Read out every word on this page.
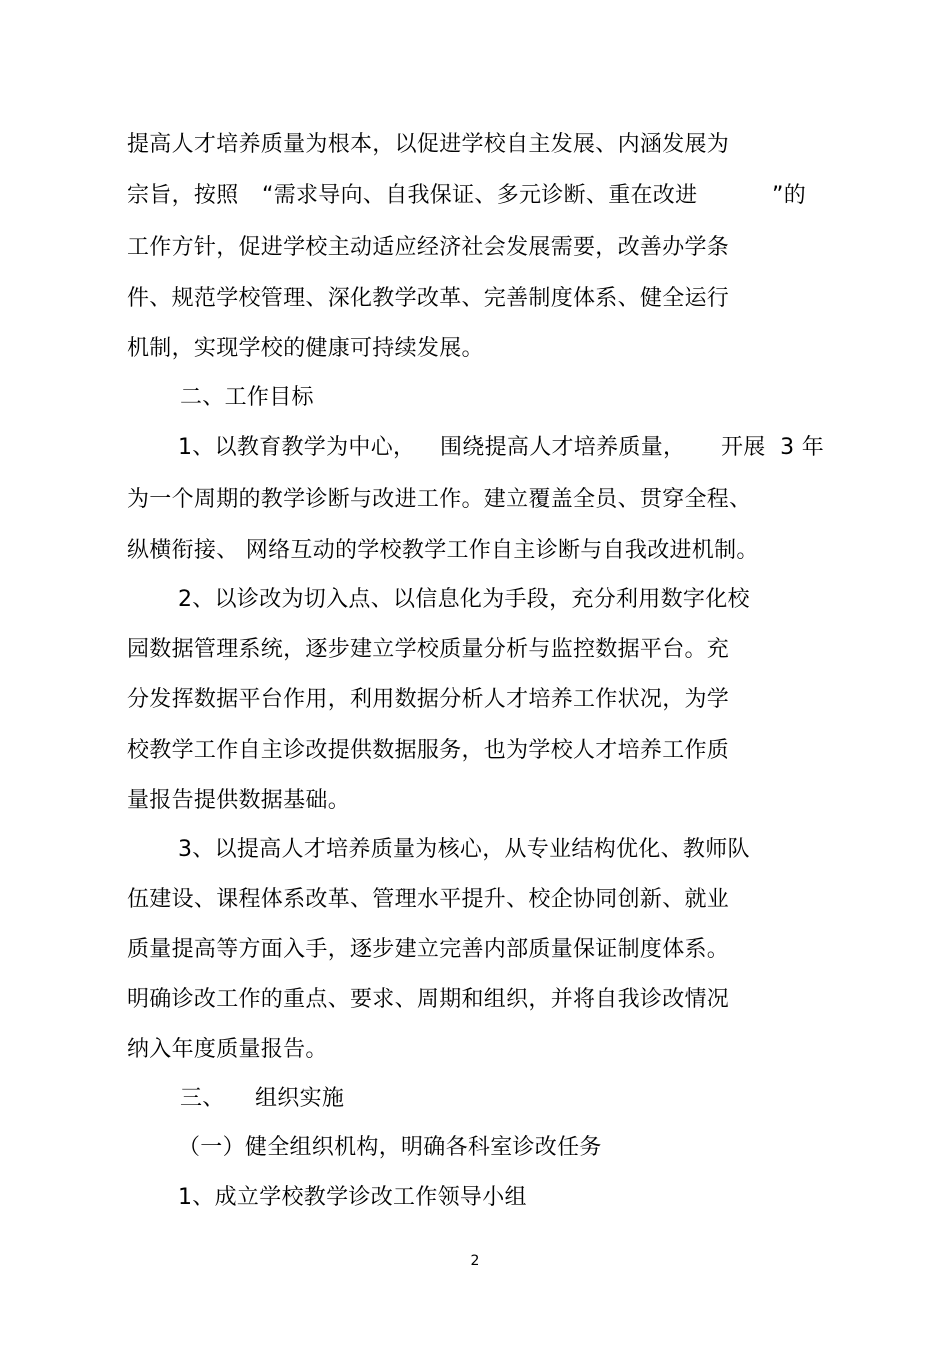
提高人才培养质量为根本，以促进学校自主发展、内涵发展为

宗旨，按照 “需求导向、自我保证、多元诊断、重在改进	”的

工作方针，促进学校主动适应经济社会发展需要，改善办学条

件、规范学校管理、深化教学改革、完善制度体系、健全运行

机制，实现学校的健康可持续发展。

二、工作目标

1、以教育教学为中心， 围绕提高人才培养质量， 开展  3 年

为一个周期的教学诊断与改进工作。建立覆盖全员、贯穿全程、

纵横衔接、 网络互动的学校教学工作自主诊断与自我改进机制。

2、以诊改为切入点、以信息化为手段，充分利用数字化校

园数据管理系统，逐步建立学校质量分析与监控数据平台。充

分发挥数据平台作用，利用数据分析人才培养工作状况，为学

校教学工作自主诊改提供数据服务，也为学校人才培养工作质

量报告提供数据基础。

3、以提高人才培养质量为核心，从专业结构优化、教师队

伍建设、课程体系改革、管理水平提升、校企协同创新、就业

质量提高等方面入手，逐步建立完善内部质量保证制度体系。

明确诊改工作的重点、要求、周期和组织，并将自我诊改情况

纳入年度质量报告。

三、 组织实施

（一）健全组织机构，明确各科室诊改任务

1、成立学校教学诊改工作领导小组

2
